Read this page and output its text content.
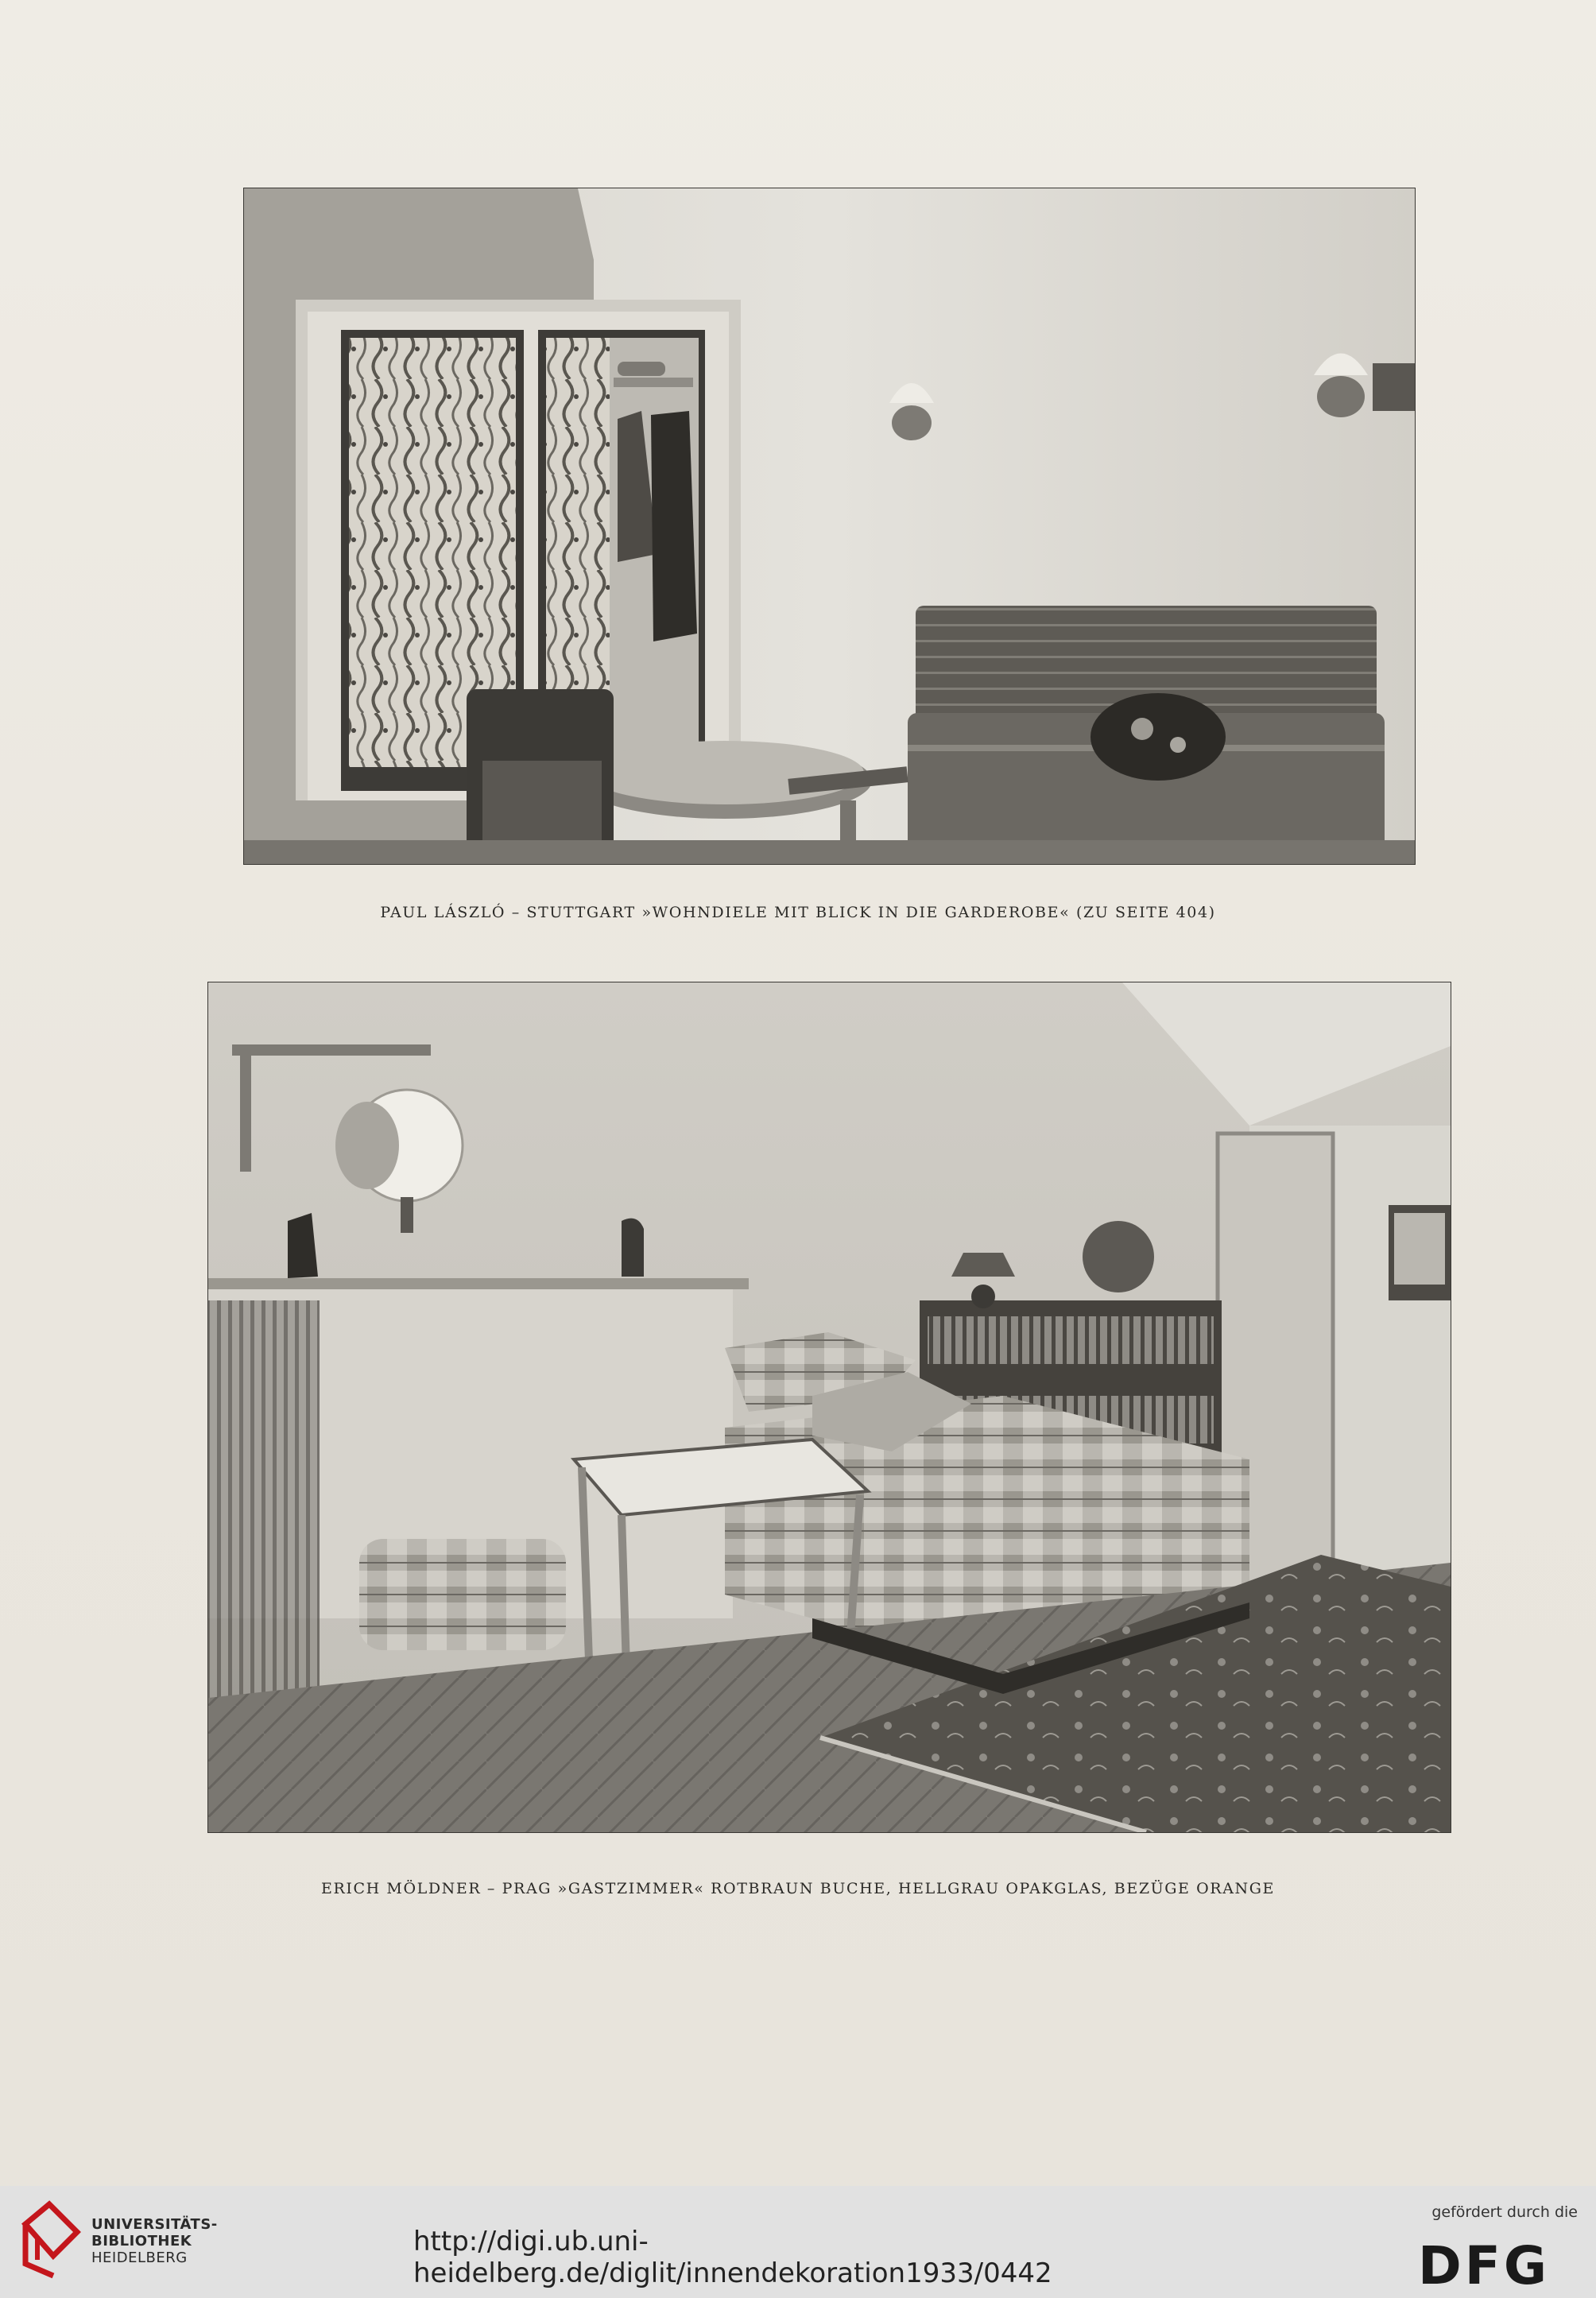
PAUL LÁSZLÓ – STUTTGART »WOHNDIELE MIT BLICK IN DIE GARDEROBE« (ZU SEITE 404)
ERICH MÖLDNER – PRAG »GASTZIMMER« ROTBRAUN BUCHE, HELLGRAU OPAKGLAS, BEZÜGE ORANGE
UNIVERSITÄTS-
BIBLIOTHEK
HEIDELBERG
http://digi.ub.uni-heidelberg.de/diglit/innendekoration1933/0442
gefördert durch die
DFG
